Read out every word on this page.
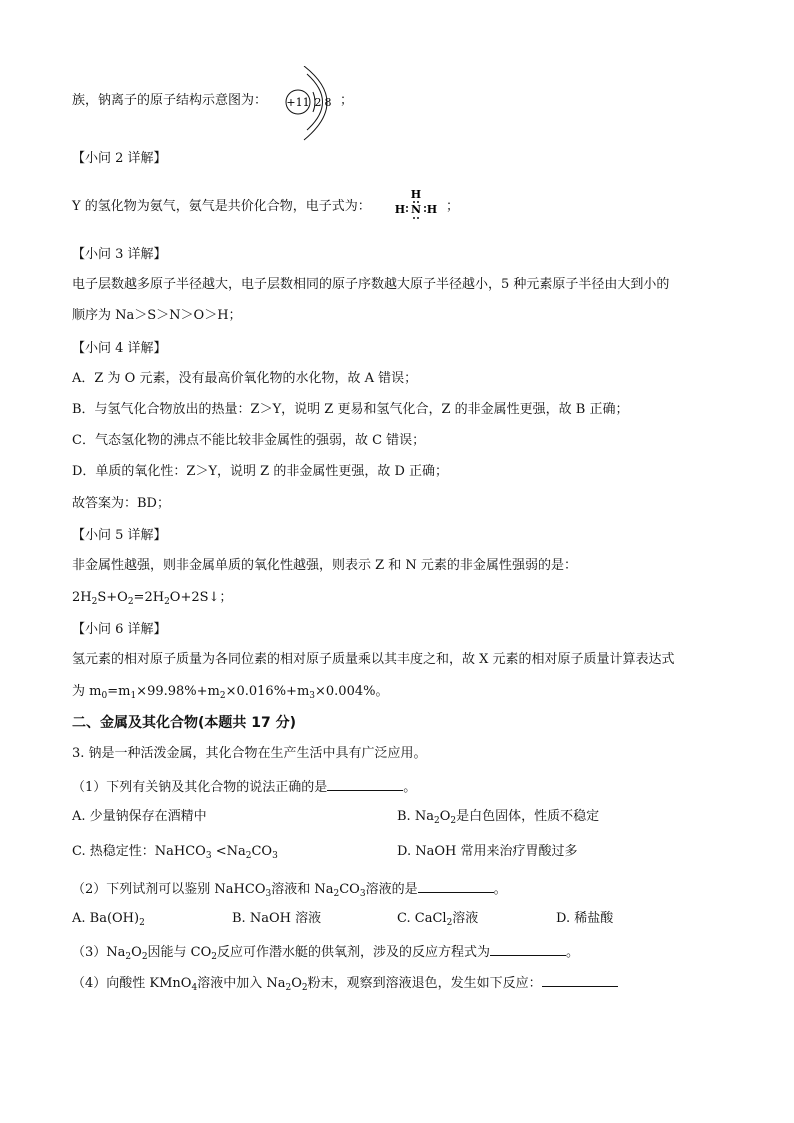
族，钠离子的原子结构示意图为： +11 2 8 ；
【小问 2 详解】
Y 的氢化物为氨气，氨气是共价化合物，电子式为：
H
H N H ；
【小问 3 详解】
电子层数越多原子半径越大，电子层数相同的原子序数越大原子半径越小，5 种元素原子半径由大到小的
顺序为 Na＞S＞N＞O＞H；
【小问 4 详解】
A．Z 为 O 元素，没有最高价氧化物的水化物，故 A 错误；
B．与氢气化合物放出的热量：Z＞Y，说明 Z 更易和氢气化合，Z 的非金属性更强，故 B 正确；
C．气态氢化物的沸点不能比较非金属性的强弱，故 C 错误；
D．单质的氧化性：Z＞Y，说明 Z 的非金属性更强，故 D 正确；
故答案为：BD；
【小问 5 详解】
非金属性越强，则非金属单质的氧化性越强，则表示 Z 和 N 元素的非金属性强弱的是：
$2H_2S+O_2=2H_2O+2S↓$；
【小问 6 详解】
氢元素的相对原子质量为各同位素的相对原子质量乘以其丰度之和，故 X 元素的相对原子质量计算表达式
为 $m_0=m_1\times 99.98\%+m_2\times 0.016\%+m_3\times 0.004\%$。
二、金属及其化合物(本题共 17 分)
3. 钠是一种活泼金属，其化合物在生产生活中具有广泛应用。
（1）下列有关钠及其化合物的说法正确的是	。
A. 少量钠保存在酒精中	B. $Na_2O_2$是白色固体，性质不稳定
C. 热稳定性：NaHCO$_3$ $<Na_2CO_3$	D. NaOH 常用来治疗胃酸过多
（2）下列试剂可以鉴别 NaHCO$_3$溶液和 $Na_2CO_3$溶液的是	。
A. $Ba(OH)_2$	B. NaOH 溶液	C. CaCl$_2$溶液	D. 稀盐酸
$(3)Na_2O_2$因能与 $CO_2$反应可作潜水艇的供氧剂，涉及的反应方程式为	。
（4）向酸性 KMnO$_4$溶液中加入 $Na_2O_2$粉末，观察到溶液退色，发生如下反应：
